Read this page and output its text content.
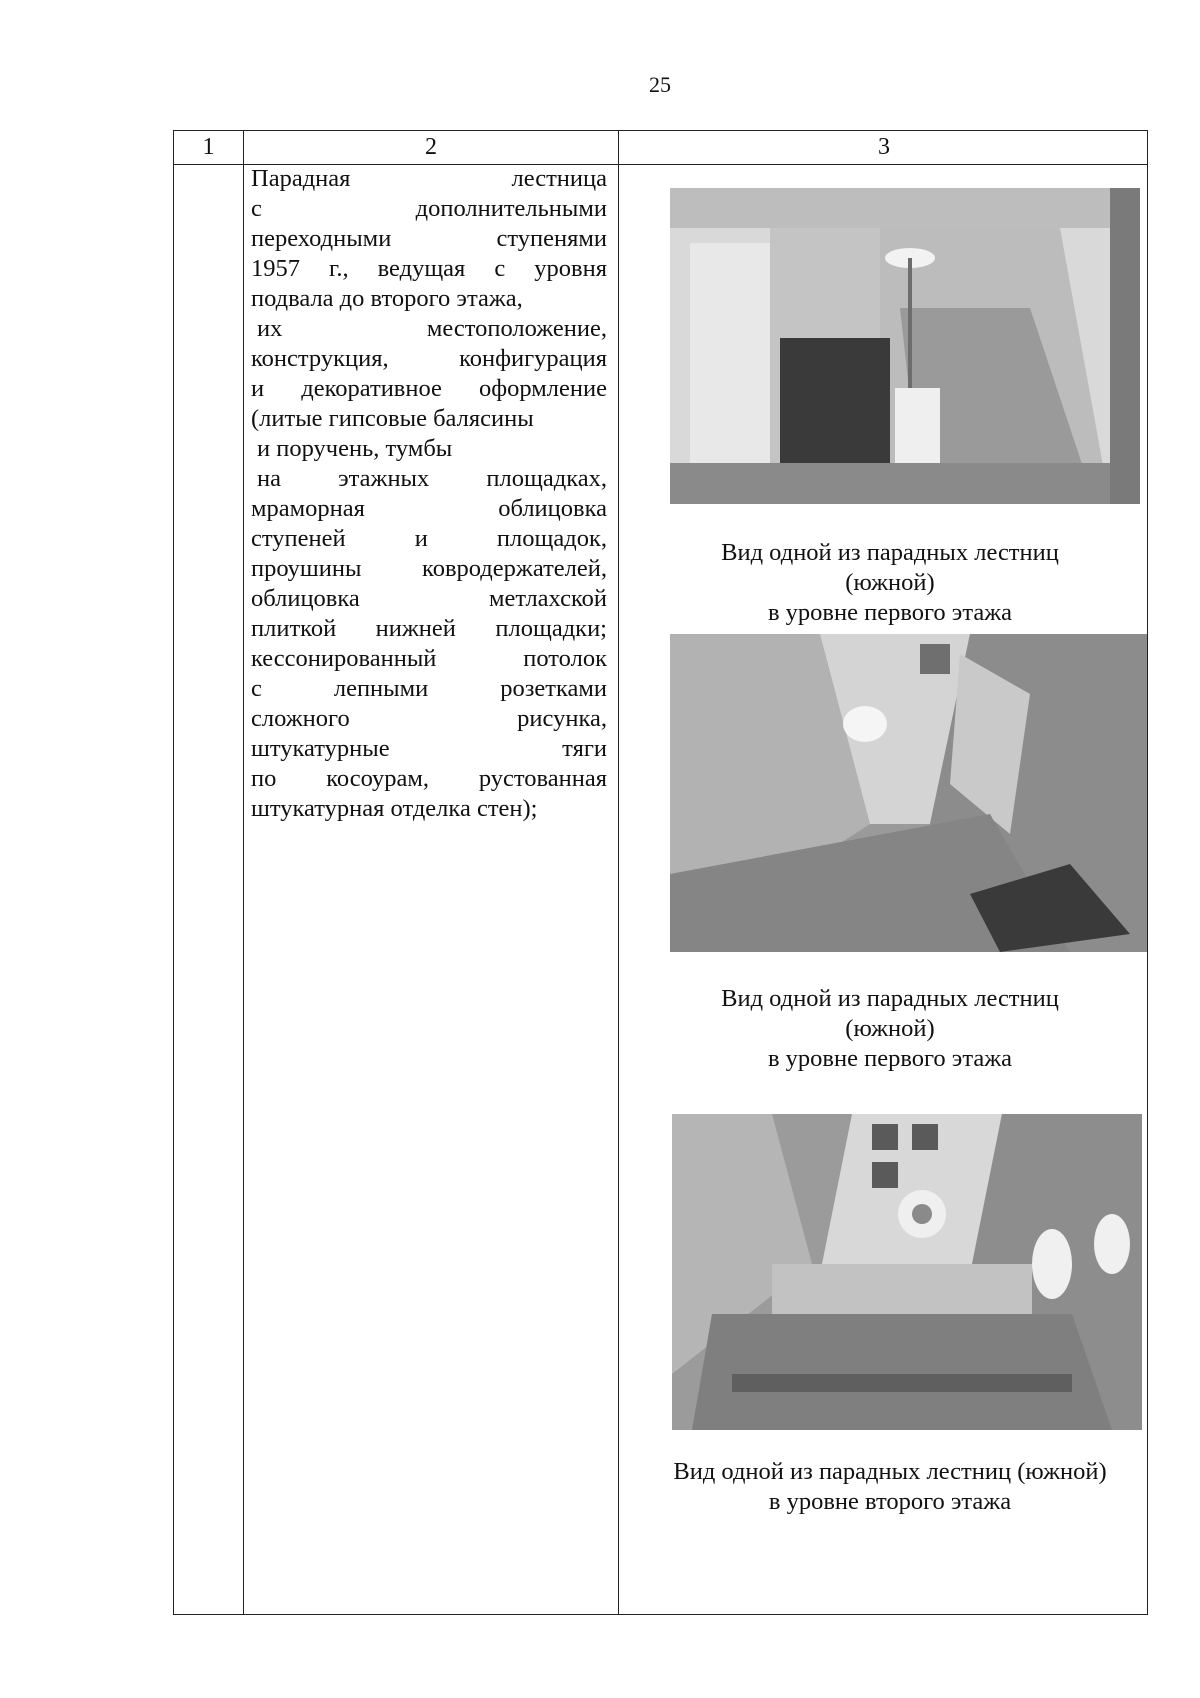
25
1	2	3
Парадная лестница
с дополнительными
переходными ступенями
1957 г., ведущая с уровня
подвала до второго этажа,
их местоположение,
конструкция, конфигурация
и декоративное оформление
(литые гипсовые балясины
и поручень, тумбы
на этажных площадках,
мраморная облицовка
ступеней и площадок,
проушины ковродержателей,
облицовка метлахской
плиткой нижней площадки;
кессонированный потолок
с лепными розетками
сложного рисунка,
штукатурные тяги
по косоурам, рустованная
штукатурная отделка стен);
Вид одной из парадных лестниц
(южной)
в уровне первого этажа
Вид одной из парадных лестниц
(южной)
в уровне первого этажа
Вид одной из парадных лестниц (южной)
в уровне второго этажа
